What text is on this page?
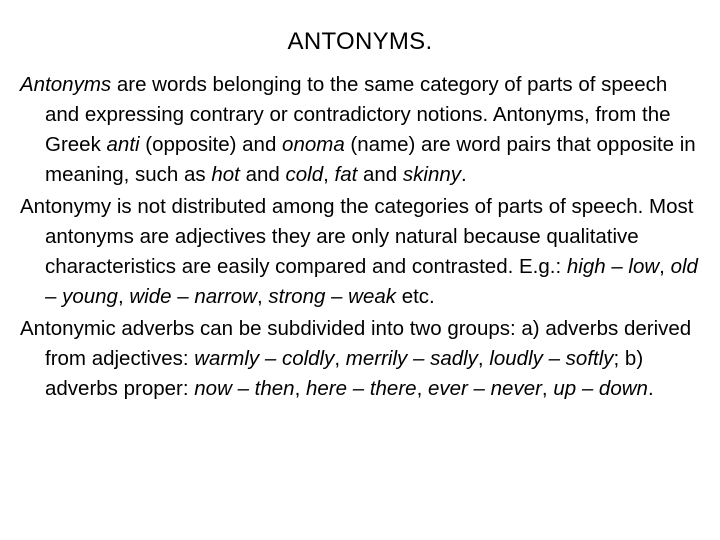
ANTONYMS.

Antonyms are words belonging to the same category of parts of speech and expressing contrary or contradictory notions. Antonyms, from the Greek anti (opposite) and onoma (name) are word pairs that opposite in meaning, such as hot and cold, fat and skinny.

Antonymy is not distributed among the categories of parts of speech. Most antonyms are adjectives they are only natural because qualitative characteristics are easily compared and contrasted. E.g.: high – low, old – young, wide – narrow, strong – weak etc.

Antonymic adverbs can be subdivided into two groups: a) adverbs derived from adjectives: warmly – coldly, merrily – sadly, loudly – softly; b) adverbs proper: now – then, here – there, ever – never, up – down.
